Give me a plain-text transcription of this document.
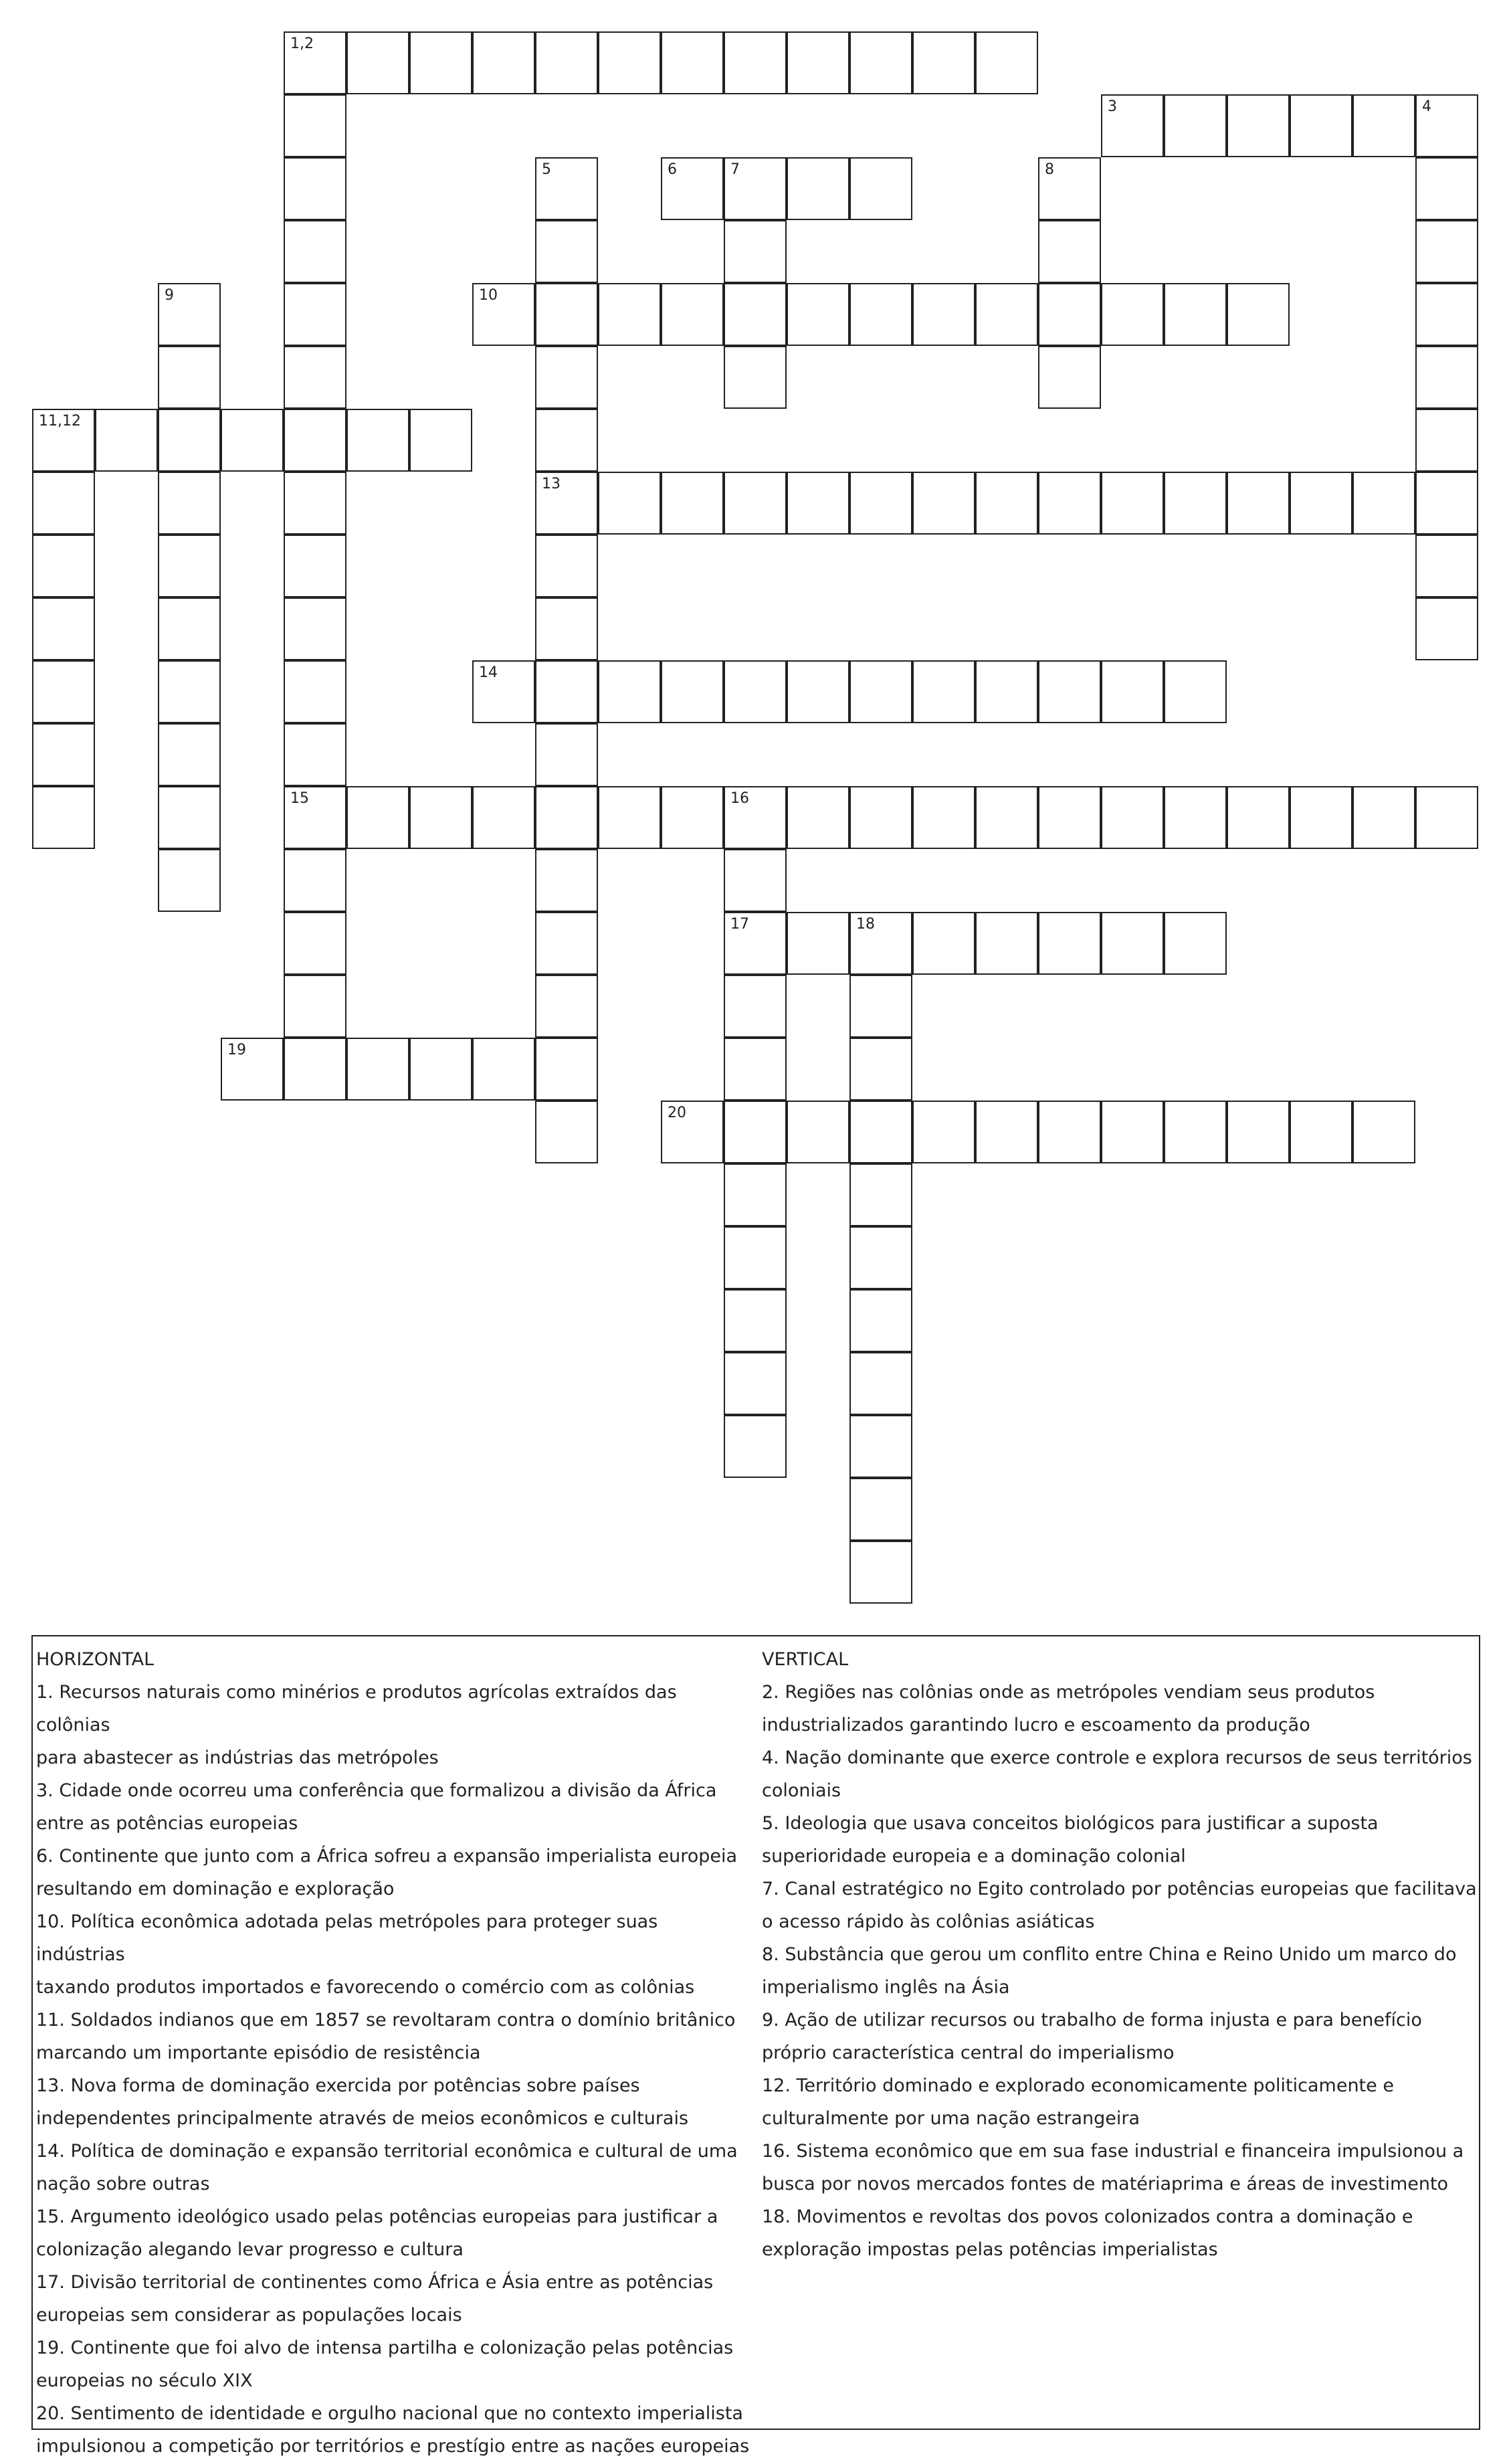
1,2
3	4
5	6	7	8
9	10
11,12
13
14
15	16
17	18
19
20
HORIZONTAL
1. Recursos naturais como minérios e produtos agrícolas extraídos das colônias
para abastecer as indústrias das metrópoles
3. Cidade onde ocorreu uma conferência que formalizou a divisão da África
entre as potências europeias
6. Continente que junto com a África sofreu a expansão imperialista europeia
resultando em dominação e exploração
10. Política econômica adotada pelas metrópoles para proteger suas indústrias
taxando produtos importados e favorecendo o comércio com as colônias
11. Soldados indianos que em 1857 se revoltaram contra o domínio britânico
marcando um importante episódio de resistência
13. Nova forma de dominação exercida por potências sobre países
independentes principalmente através de meios econômicos e culturais
14. Política de dominação e expansão territorial econômica e cultural de uma
nação sobre outras
15. Argumento ideológico usado pelas potências europeias para justificar a
colonização alegando levar progresso e cultura
17. Divisão territorial de continentes como África e Ásia entre as potências
europeias sem considerar as populações locais
19. Continente que foi alvo de intensa partilha e colonização pelas potências
europeias no século XIX
20. Sentimento de identidade e orgulho nacional que no contexto imperialista
impulsionou a competição por territórios e prestígio entre as nações europeias
VERTICAL
2. Regiões nas colônias onde as metrópoles vendiam seus produtos
industrializados garantindo lucro e escoamento da produção
4. Nação dominante que exerce controle e explora recursos de seus territórios
coloniais
5. Ideologia que usava conceitos biológicos para justificar a suposta
superioridade europeia e a dominação colonial
7. Canal estratégico no Egito controlado por potências europeias que facilitava
o acesso rápido às colônias asiáticas
8. Substância que gerou um conflito entre China e Reino Unido um marco do
imperialismo inglês na Ásia
9. Ação de utilizar recursos ou trabalho de forma injusta e para benefício
próprio característica central do imperialismo
12. Território dominado e explorado economicamente politicamente e
culturalmente por uma nação estrangeira
16. Sistema econômico que em sua fase industrial e financeira impulsionou a
busca por novos mercados fontes de matériaprima e áreas de investimento
18. Movimentos e revoltas dos povos colonizados contra a dominação e
exploração impostas pelas potências imperialistas
